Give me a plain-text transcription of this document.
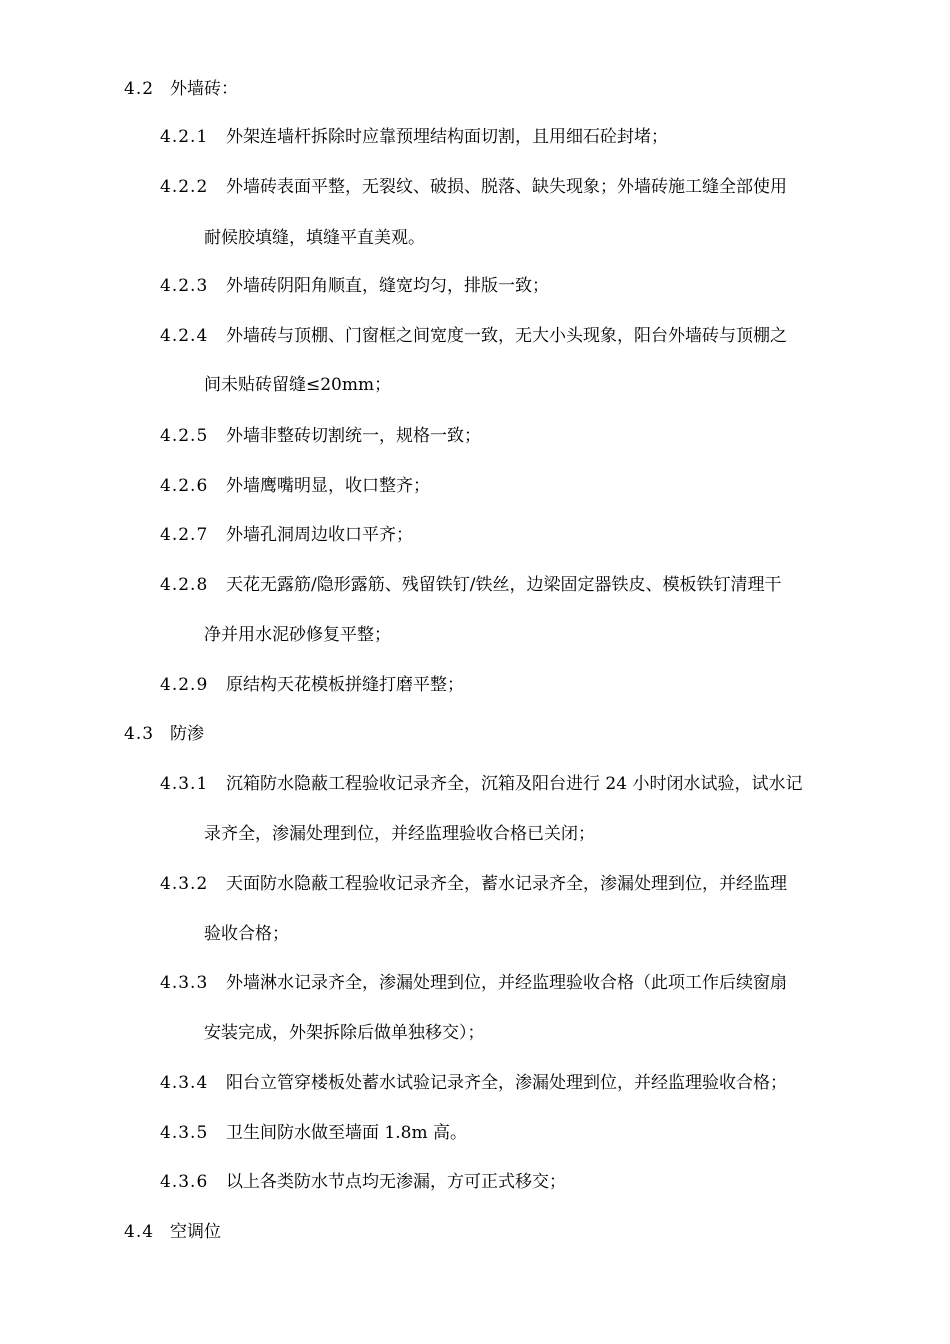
4.2 外墙砖：
4.2.1 外架连墙杆拆除时应靠预埋结构面切割，且用细石砼封堵；
4.2.2 外墙砖表面平整，无裂纹、破损、脱落、缺失现象；外墙砖施工缝全部使用
耐候胶填缝，填缝平直美观。
4.2.3 外墙砖阴阳角顺直，缝宽均匀，排版一致；
4.2.4 外墙砖与顶棚、门窗框之间宽度一致，无大小头现象，阳台外墙砖与顶棚之
间未贴砖留缝≤20mm；
4.2.5 外墙非整砖切割统一，规格一致；
4.2.6 外墙鹰嘴明显，收口整齐；
4.2.7 外墙孔洞周边收口平齐；
4.2.8 天花无露筋/隐形露筋、残留铁钉/铁丝，边梁固定器铁皮、模板铁钉清理干
净并用水泥砂修复平整；
4.2.9 原结构天花模板拼缝打磨平整；
4.3 防渗
4.3.1 沉箱防水隐蔽工程验收记录齐全，沉箱及阳台进行 24 小时闭水试验，试水记
录齐全，渗漏处理到位，并经监理验收合格已关闭；
4.3.2 天面防水隐蔽工程验收记录齐全，蓄水记录齐全，渗漏处理到位，并经监理
验收合格；
4.3.3 外墙淋水记录齐全，渗漏处理到位，并经监理验收合格（此项工作后续窗扇
安装完成，外架拆除后做单独移交）；
4.3.4 阳台立管穿楼板处蓄水试验记录齐全，渗漏处理到位，并经监理验收合格；
4.3.5 卫生间防水做至墙面 1.8m 高。
4.3.6 以上各类防水节点均无渗漏，方可正式移交；
4.4 空调位
